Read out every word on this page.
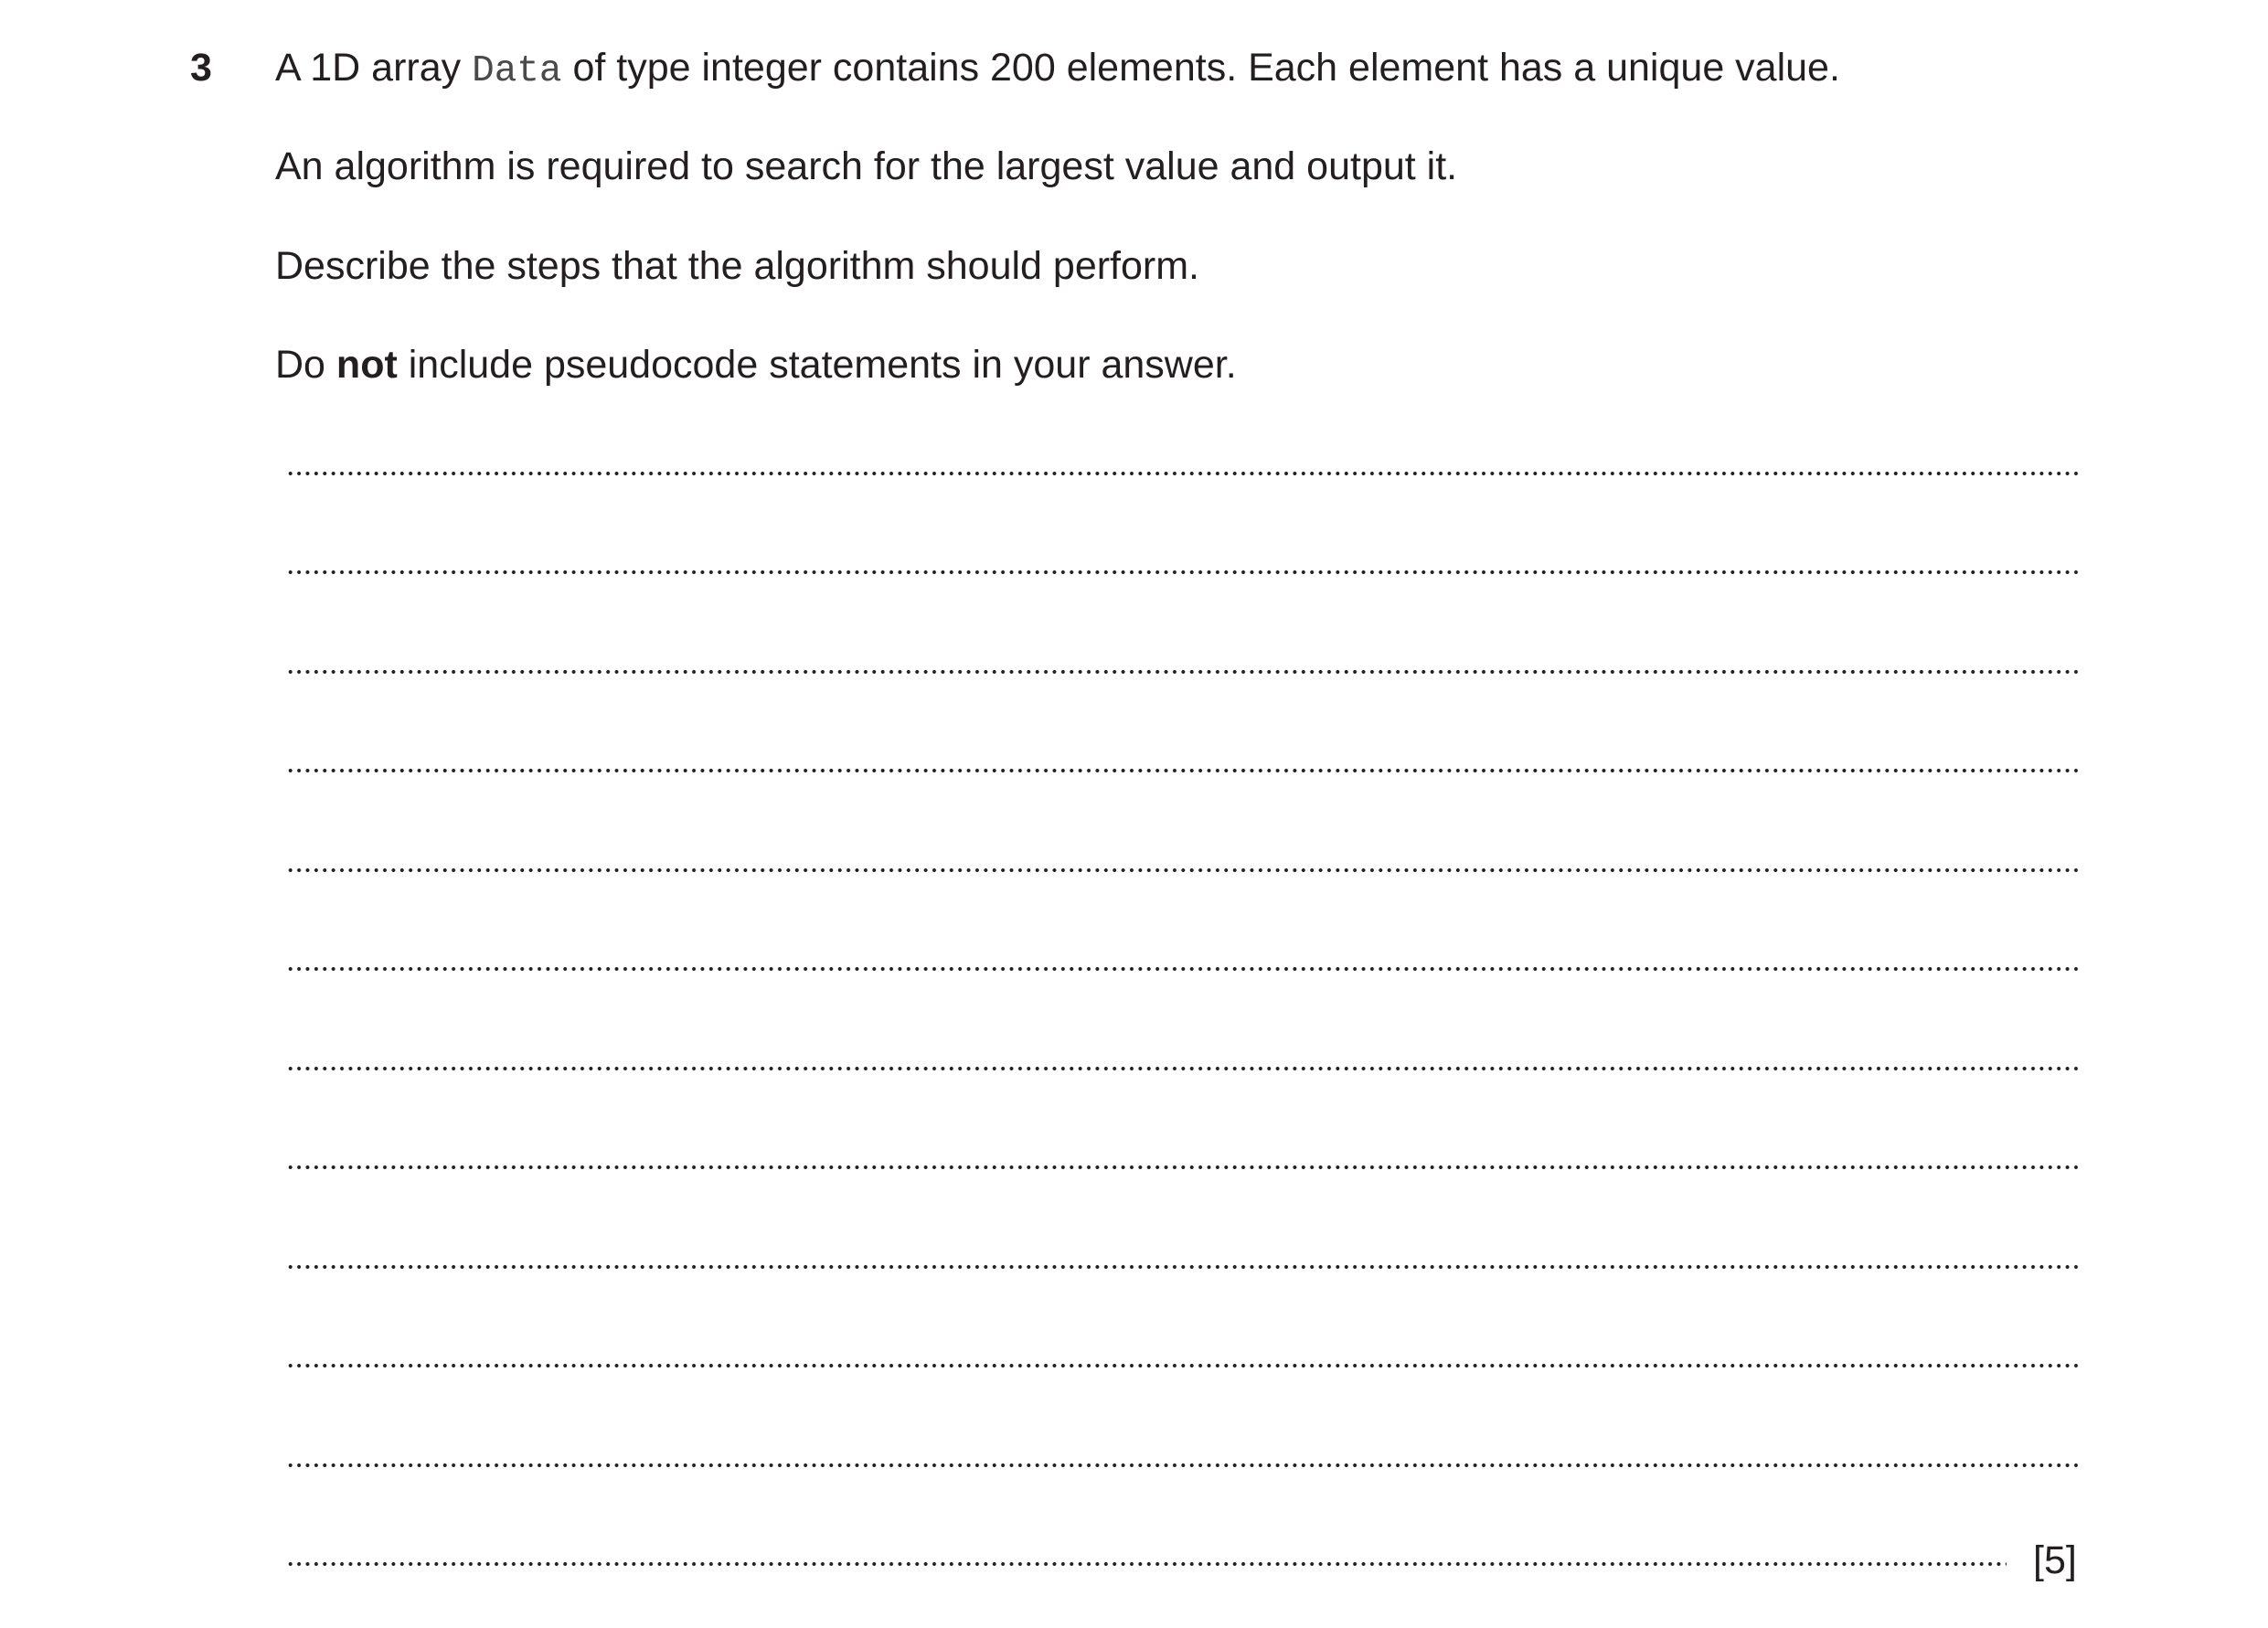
3 A 1D array Data of type integer contains 200 elements. Each element has a unique value.
An algorithm is required to search for the largest value and output it.
Describe the steps that the algorithm should perform.
Do not include pseudocode statements in your answer.
[5]
